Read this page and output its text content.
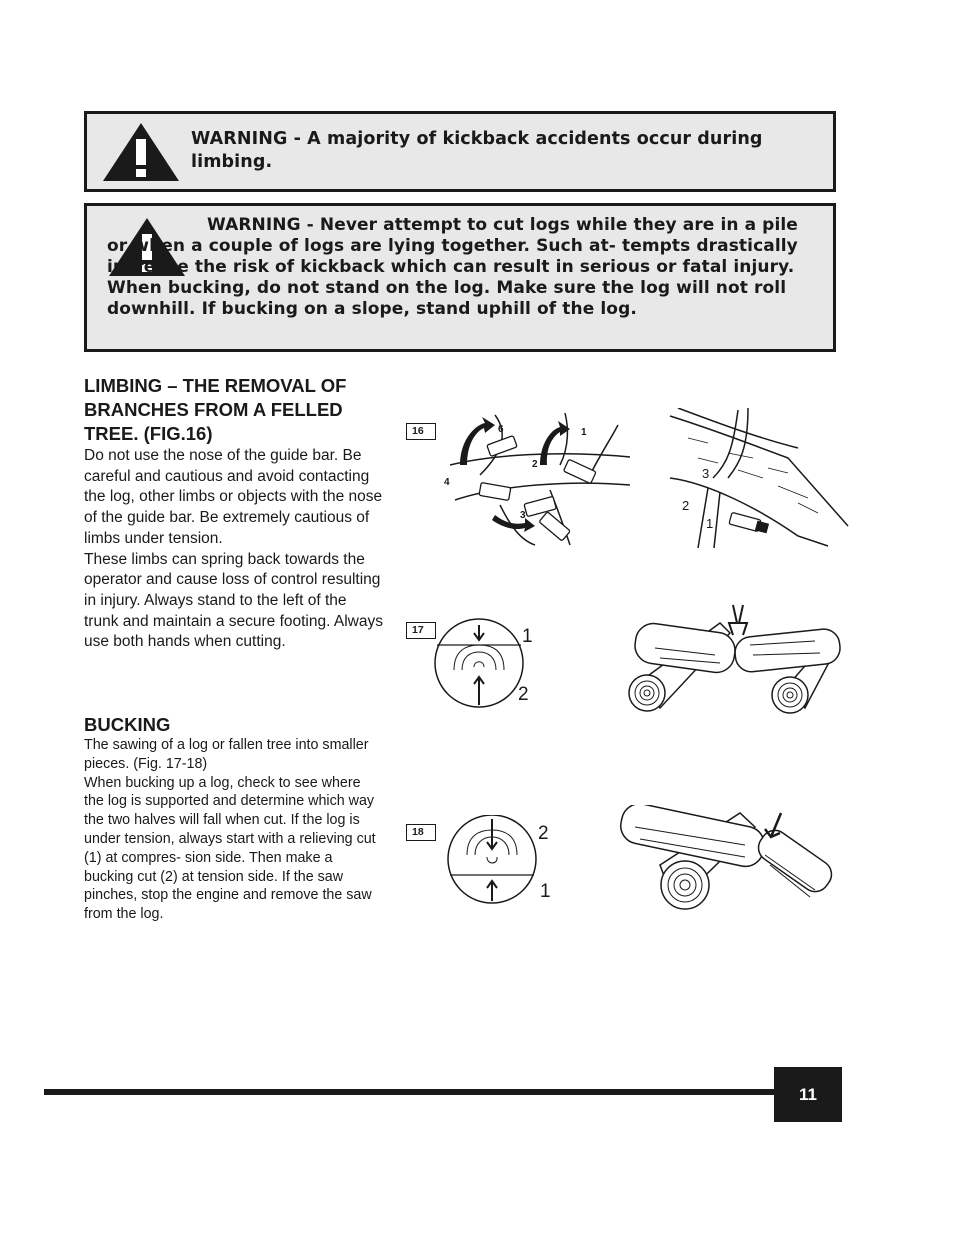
WARNING - A majority of kickback accidents occur during limbing.
WARNING - Never attempt to cut logs while they are in a pile or when a couple of logs are lying together. Such at- tempts drastically increase the risk of kickback which can result in serious or fatal injury. When bucking, do not stand on the log. Make sure the log will not roll downhill. If bucking on a slope, stand uphill of the log.
LIMBING – THE REMOVAL OF BRANCHES FROM A FELLED TREE. (FIG.16)
Do not use the nose of the guide bar. Be careful and cautious and avoid contacting the log, other limbs or objects with the nose of the guide bar. Be extremely cautious of limbs under tension.
These limbs can spring back towards the operator and cause loss of control resulting in injury. Always stand to the left of the trunk and maintain a secure footing. Always use both hands when cutting.
BUCKING
The sawing of a log or fallen tree into smaller pieces. (Fig. 17-18)
When bucking up a log, check to see where the log is supported and determine which way the two halves will fall when cut. If the log is under tension, always start with a relieving cut (1) at compres- sion side. Then make a bucking cut (2) at tension side. If the saw pinches, stop the engine and remove the saw from the log.
16	6	1
2
4
3
3
2
1
17	1
2
18	2
1
11
